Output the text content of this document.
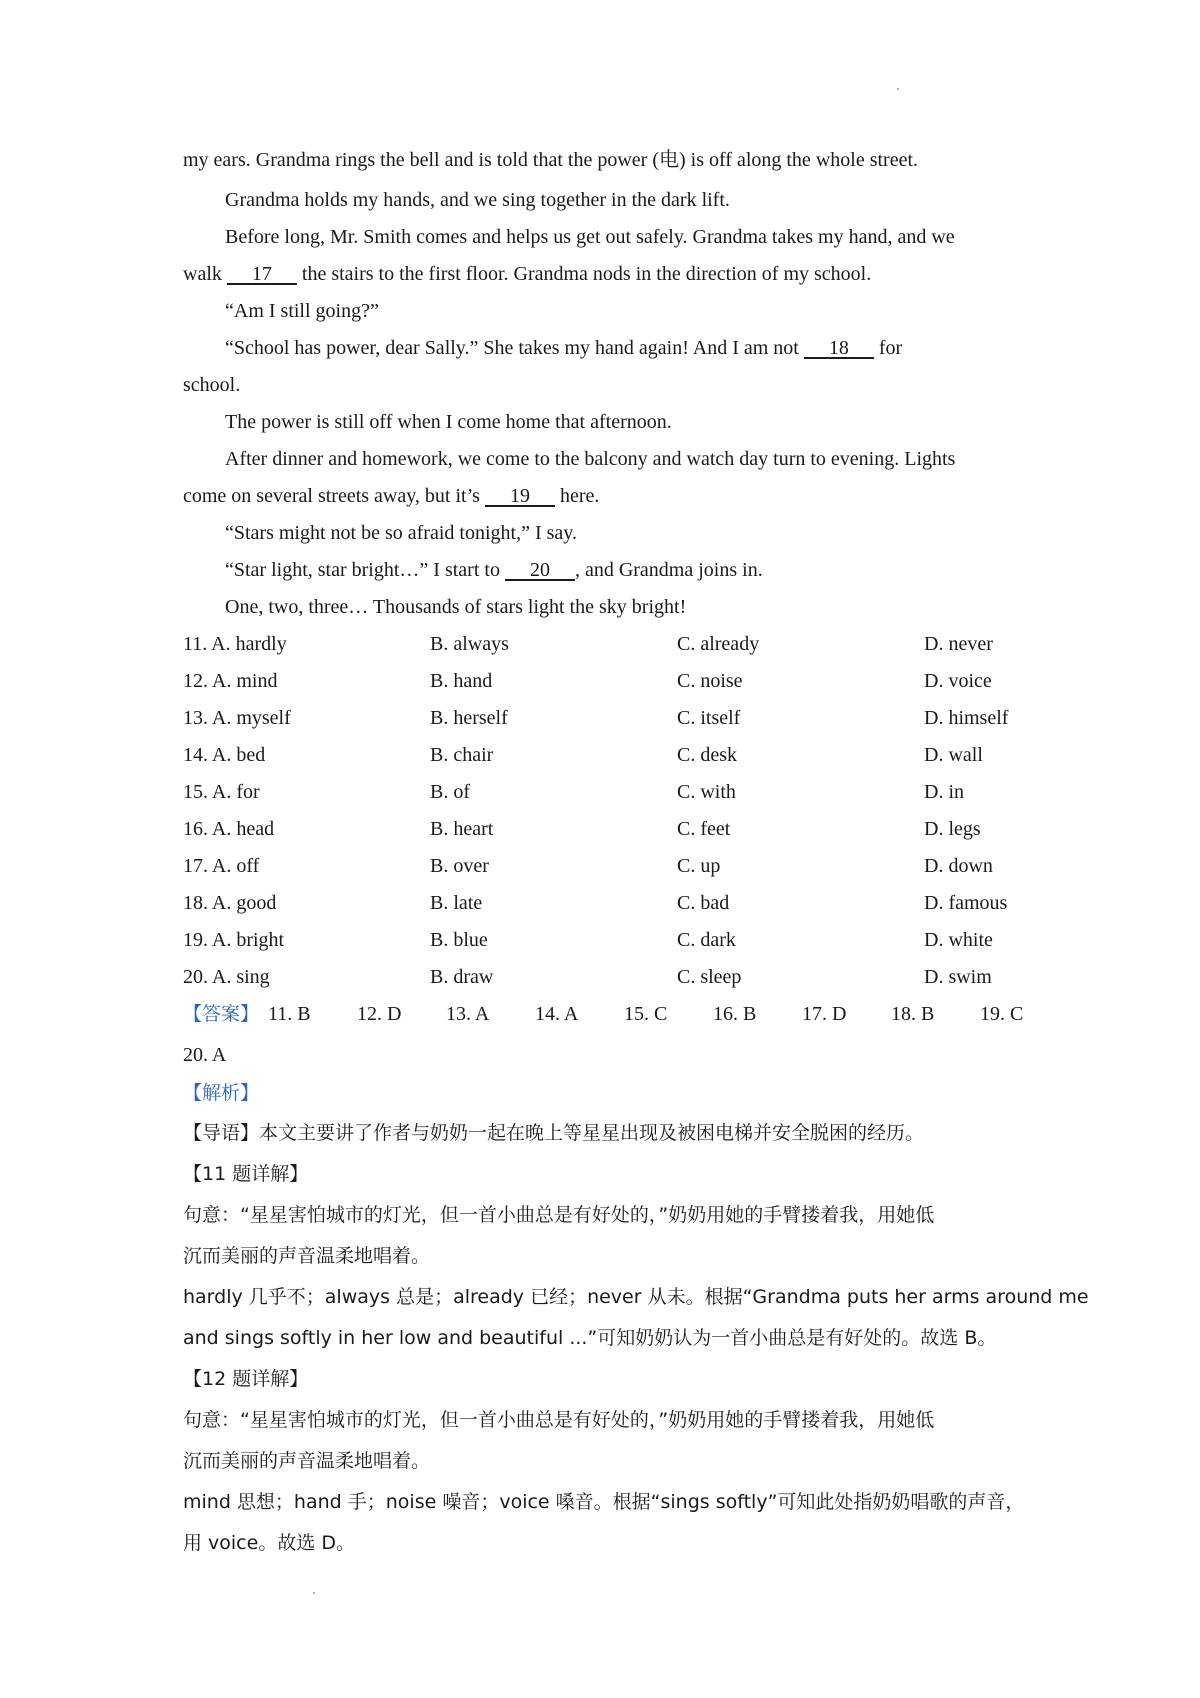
my ears. Grandma rings the bell and is told that the power (电) is off along the whole street.
Grandma holds my hands, and we sing together in the dark lift.
Before long, Mr. Smith comes and helps us get out safely. Grandma takes my hand, and we
walk      17      the stairs to the first floor. Grandma nods in the direction of my school.
“Am I still going?”
“School has power, dear Sally.” She takes my hand again! And I am not      18      for
school.
The power is still off when I come home that afternoon.
After dinner and homework, we come to the balcony and watch day turn to evening. Lights
come on several streets away, but it’s      19      here.
“Stars might not be so afraid tonight,” I say.
“Star light, star bright…” I start to      20 , and Grandma joins in.
One, two, three… Thousands of stars light the sky bright!
11. A. hardly	B. always	C. already	D. never
12. A. mind	B. hand	C. noise	D. voice
13. A. myself	B. herself	C. itself	D. himself
14. A. bed	B. chair	C. desk	D. wall
15. A. for	B. of	C. with	D. in
16. A. head	B. heart	C. feet	D. legs
17. A. off	B. over	C. up	D. down
18. A. good	B. late	C. bad	D. famous
19. A. bright	B. blue	C. dark	D. white
20. A. sing	B. draw	C. sleep	D. swim
【答案】 11. B 12. D 13. A 14. A 15. C 16. B 17. D 18. B 19. C
20. A
【解析】
【导语】本文主要讲了作者与奶奶一起在晚上等星星出现及被困电梯并安全脱困的经历。
【11 题详解】
句意：“星星害怕城市的灯光，但一首小曲总是有好处的，”奶奶用她的手臂搂着我，用她低
沉而美丽的声音温柔地唱着。
hardly 几乎不；always 总是；already 已经；never 从未。根据“Grandma puts her arms around me
and sings softly in her low and beautiful ...”可知奶奶认为一首小曲总是有好处的。故选 B。
【12 题详解】
句意：“星星害怕城市的灯光，但一首小曲总是有好处的，”奶奶用她的手臂搂着我，用她低
沉而美丽的声音温柔地唱着。
mind 思想；hand 手；noise 噪音；voice 嗓音。根据“sings softly”可知此处指奶奶唱歌的声音，
用 voice。故选 D。
